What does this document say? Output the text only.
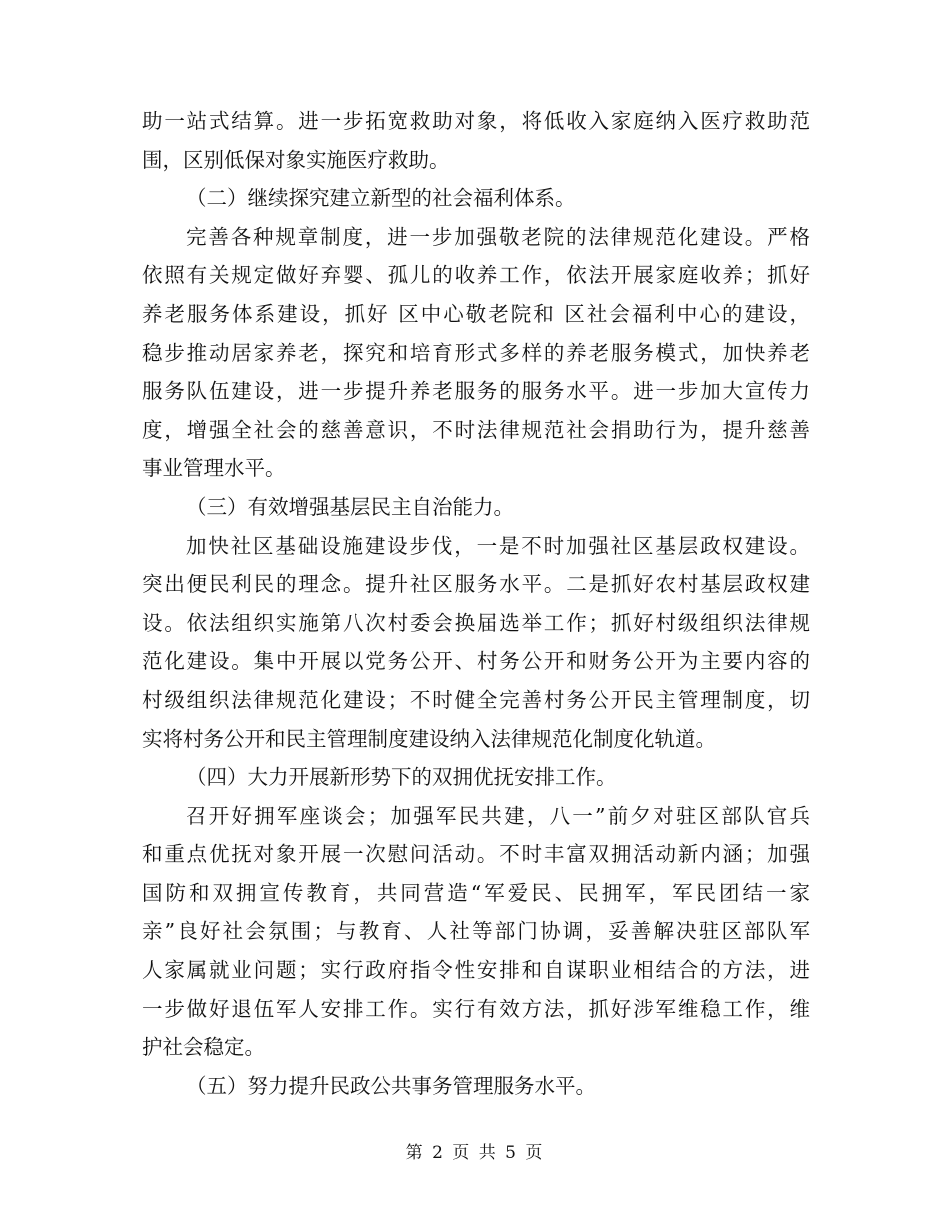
助一站式结算。进一步拓宽救助对象，将低收入家庭纳入医疗救助范
围，区别低保对象实施医疗救助。
（二）继续探究建立新型的社会福利体系。
完善各种规章制度，进一步加强敬老院的法律规范化建设。严格
依照有关规定做好弃婴、孤儿的收养工作，依法开展家庭收养；抓好
养老服务体系建设，抓好 区中心敬老院和 区社会福利中心的建设，
稳步推动居家养老，探究和培育形式多样的养老服务模式，加快养老
服务队伍建设，进一步提升养老服务的服务水平。进一步加大宣传力
度，增强全社会的慈善意识，不时法律规范社会捐助行为，提升慈善
事业管理水平。
（三）有效增强基层民主自治能力。
加快社区基础设施建设步伐，一是不时加强社区基层政权建设。
突出便民利民的理念。提升社区服务水平。二是抓好农村基层政权建
设。依法组织实施第八次村委会换届选举工作；抓好村级组织法律规
范化建设。集中开展以党务公开、村务公开和财务公开为主要内容的
村级组织法律规范化建设；不时健全完善村务公开民主管理制度，切
实将村务公开和民主管理制度建设纳入法律规范化制度化轨道。
（四）大力开展新形势下的双拥优抚安排工作。
召开好拥军座谈会；加强军民共建，八一”前夕对驻区部队官兵
和重点优抚对象开展一次慰问活动。不时丰富双拥活动新内涵；加强
国防和双拥宣传教育，共同营造“军爱民、民拥军，军民团结一家
亲”良好社会氛围；与教育、人社等部门协调，妥善解决驻区部队军
人家属就业问题；实行政府指令性安排和自谋职业相结合的方法，进
一步做好退伍军人安排工作。实行有效方法，抓好涉军维稳工作，维
护社会稳定。
（五）努力提升民政公共事务管理服务水平。
第 2 页 共 5 页
